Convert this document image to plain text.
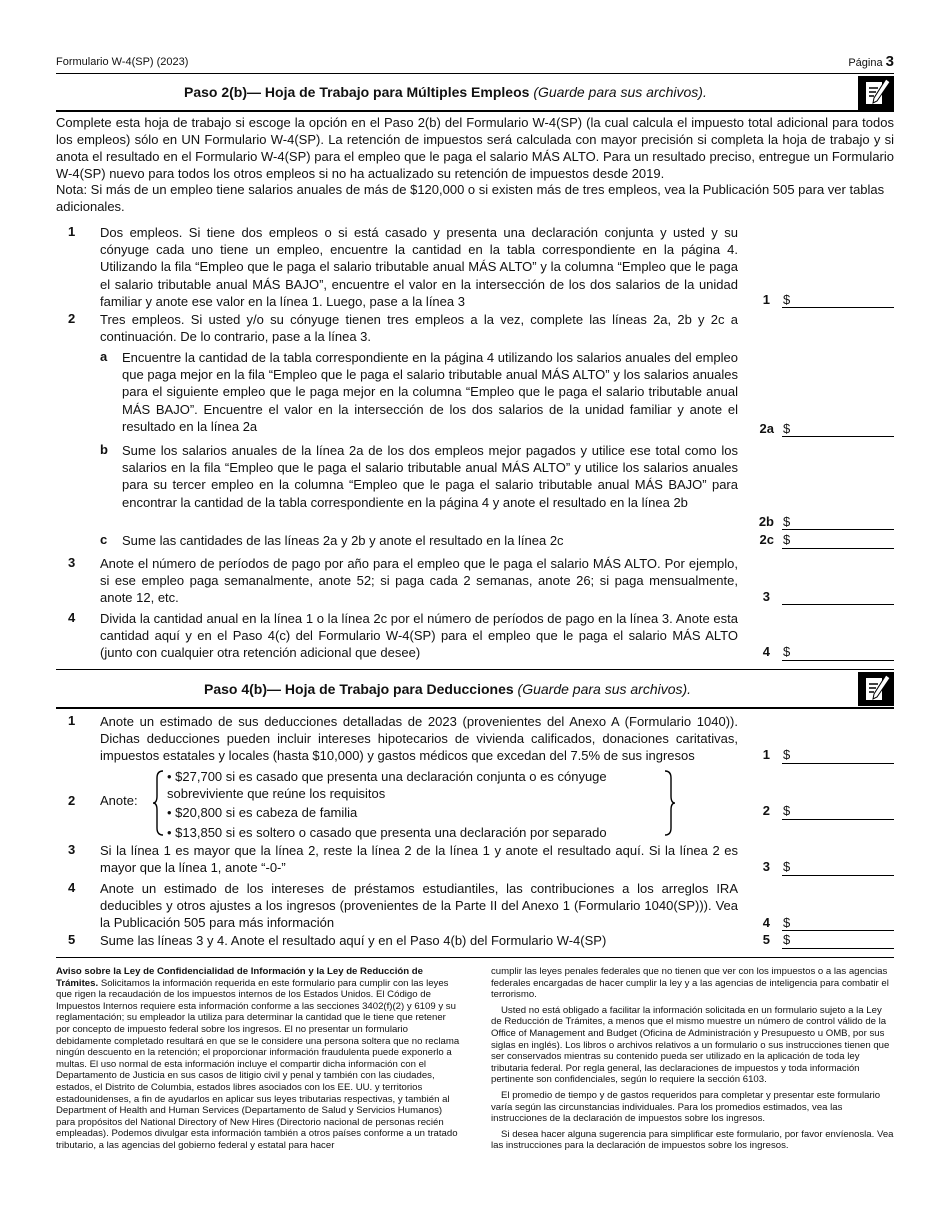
Formulario W-4(SP) (2023)	Página 3
Paso 2(b)— Hoja de Trabajo para Múltiples Empleos (Guarde para sus archivos).
Complete esta hoja de trabajo si escoge la opción en el Paso 2(b) del Formulario W-4(SP) (la cual calcula el impuesto total adicional para todos los empleos) sólo en UN Formulario W-4(SP). La retención de impuestos será calculada con mayor precisión si completa la hoja de trabajo y si anota el resultado en el Formulario W-4(SP) para el empleo que le paga el salario MÁS ALTO. Para un resultado preciso, entregue un Formulario W-4(SP) nuevo para todos los otros empleos si no ha actualizado su retención de impuestos desde 2019.
Nota: Si más de un empleo tiene salarios anuales de más de $120,000 o si existen más de tres empleos, vea la Publicación 505 para ver tablas adicionales.
1 Dos empleos. Si tiene dos empleos o si está casado y presenta una declaración conjunta y usted y su cónyuge cada uno tiene un empleo, encuentre la cantidad en la tabla correspondiente en la página 4. Utilizando la fila “Empleo que le paga el salario tributable anual MÁS ALTO” y la columna “Empleo que le paga el salario tributable anual MÁS BAJO”, encuentre el valor en la intersección de los dos salarios de la unidad familiar y anote ese valor en la línea 1. Luego, pase a la línea 3	1 $
2 Tres empleos. Si usted y/o su cónyuge tienen tres empleos a la vez, complete las líneas 2a, 2b y 2c a continuación. De lo contrario, pase a la línea 3.
a Encuentre la cantidad de la tabla correspondiente en la página 4 utilizando los salarios anuales del empleo que paga mejor en la fila “Empleo que le paga el salario tributable anual MÁS ALTO” y los salarios anuales para el siguiente empleo que le paga mejor en la columna “Empleo que le paga el salario tributable anual MÁS BAJO”. Encuentre el valor en la intersección de los dos salarios de la unidad familiar y anote el resultado en la línea 2a	2a $
b Sume los salarios anuales de la línea 2a de los dos empleos mejor pagados y utilice ese total como los salarios en la fila “Empleo que le paga el salario tributable anual MÁS ALTO” y utilice los salarios anuales para su tercer empleo en la columna “Empleo que le paga el salario tributable anual MÁS BAJO” para encontrar la cantidad de la tabla correspondiente en la página 4 y anote el resultado en la línea 2b
2b $
c Sume las cantidades de las líneas 2a y 2b y anote el resultado en la línea 2c	2c $
3 Anote el número de períodos de pago por año para el empleo que le paga el salario MÁS ALTO. Por ejemplo, si ese empleo paga semanalmente, anote 52; si paga cada 2 semanas, anote 26; si paga mensualmente, anote 12, etc.	3
4 Divida la cantidad anual en la línea 1 o la línea 2c por el número de períodos de pago en la línea 3. Anote esta cantidad aquí y en el Paso 4(c) del Formulario W-4(SP) para el empleo que le paga el salario MÁS ALTO (junto con cualquier otra retención adicional que desee)	4 $
Paso 4(b)— Hoja de Trabajo para Deducciones (Guarde para sus archivos).
1 Anote un estimado de sus deducciones detalladas de 2023 (provenientes del Anexo A (Formulario 1040)). Dichas deducciones pueden incluir intereses hipotecarios de vivienda calificados, donaciones caritativas, impuestos estatales y locales (hasta $10,000) y gastos médicos que excedan del 7.5% de sus ingresos	1 $
2 Anote:
• $27,700 si es casado que presenta una declaración conjunta o es cónyuge sobreviviente que reúne los requisitos
• $20,800 si es cabeza de familia
• $13,850 si es soltero o casado que presenta una declaración por separado
2 $
3 Si la línea 1 es mayor que la línea 2, reste la línea 2 de la línea 1 y anote el resultado aquí. Si la línea 2 es mayor que la línea 1, anote “-0-”	3 $
4 Anote un estimado de los intereses de préstamos estudiantiles, las contribuciones a los arreglos IRA deducibles y otros ajustes a los ingresos (provenientes de la Parte II del Anexo 1 (Formulario 1040(SP))). Vea la Publicación 505 para más información	4 $
5 Sume las líneas 3 y 4. Anote el resultado aquí y en el Paso 4(b) del Formulario W-4(SP)	5 $
Aviso sobre la Ley de Confidencialidad de Información y la Ley de Reducción de Trámites. Solicitamos la información requerida en este formulario para cumplir con las leyes que rigen la recaudación de los impuestos internos de los Estados Unidos. El Código de Impuestos Internos requiere esta información conforme a las secciones 3402(f)(2) y 6109 y su reglamentación; su empleador la utiliza para determinar la cantidad que le tiene que retener por concepto de impuesto federal sobre los ingresos. El no presentar un formulario debidamente completado resultará en que se le considere una persona soltera que no reclama ningún descuento en la retención; el proporcionar información fraudulenta puede exponerlo a multas. El uso normal de esta información incluye el compartir dicha información con el Departamento de Justicia en sus casos de litigio civil y penal y también con las ciudades, estados, el Distrito de Columbia, estados libres asociados con los EE. UU. y territorios estadounidenses, a fin de ayudarlos en aplicar sus leyes tributarias respectivas, y también al Department of Health and Human Services (Departamento de Salud y Servicios Humanos) para propósitos del National Directory of New Hires (Directorio nacional de personas recién empleadas). Podemos divulgar esta información también a otros países conforme a un tratado tributario, a las agencias del gobierno federal y estatal para hacer
cumplir las leyes penales federales que no tienen que ver con los impuestos o a las agencias federales encargadas de hacer cumplir la ley y a las agencias de inteligencia para combatir el terrorismo.
Usted no está obligado a facilitar la información solicitada en un formulario sujeto a la Ley de Reducción de Trámites, a menos que el mismo muestre un número de control válido de la Office of Management and Budget (Oficina de Administración y Presupuesto u OMB, por sus siglas en inglés). Los libros o archivos relativos a un formulario o sus instrucciones tienen que ser conservados mientras su contenido pueda ser utilizado en la aplicación de toda ley tributaria federal. Por regla general, las declaraciones de impuestos y toda información pertinente son confidenciales, según lo requiere la sección 6103.
El promedio de tiempo y de gastos requeridos para completar y presentar este formulario varía según las circunstancias individuales. Para los promedios estimados, vea las instrucciones de la declaración de impuestos sobre los ingresos.
Si desea hacer alguna sugerencia para simplificar este formulario, por favor envíenosla. Vea las instrucciones para la declaración de impuestos sobre los ingresos.
